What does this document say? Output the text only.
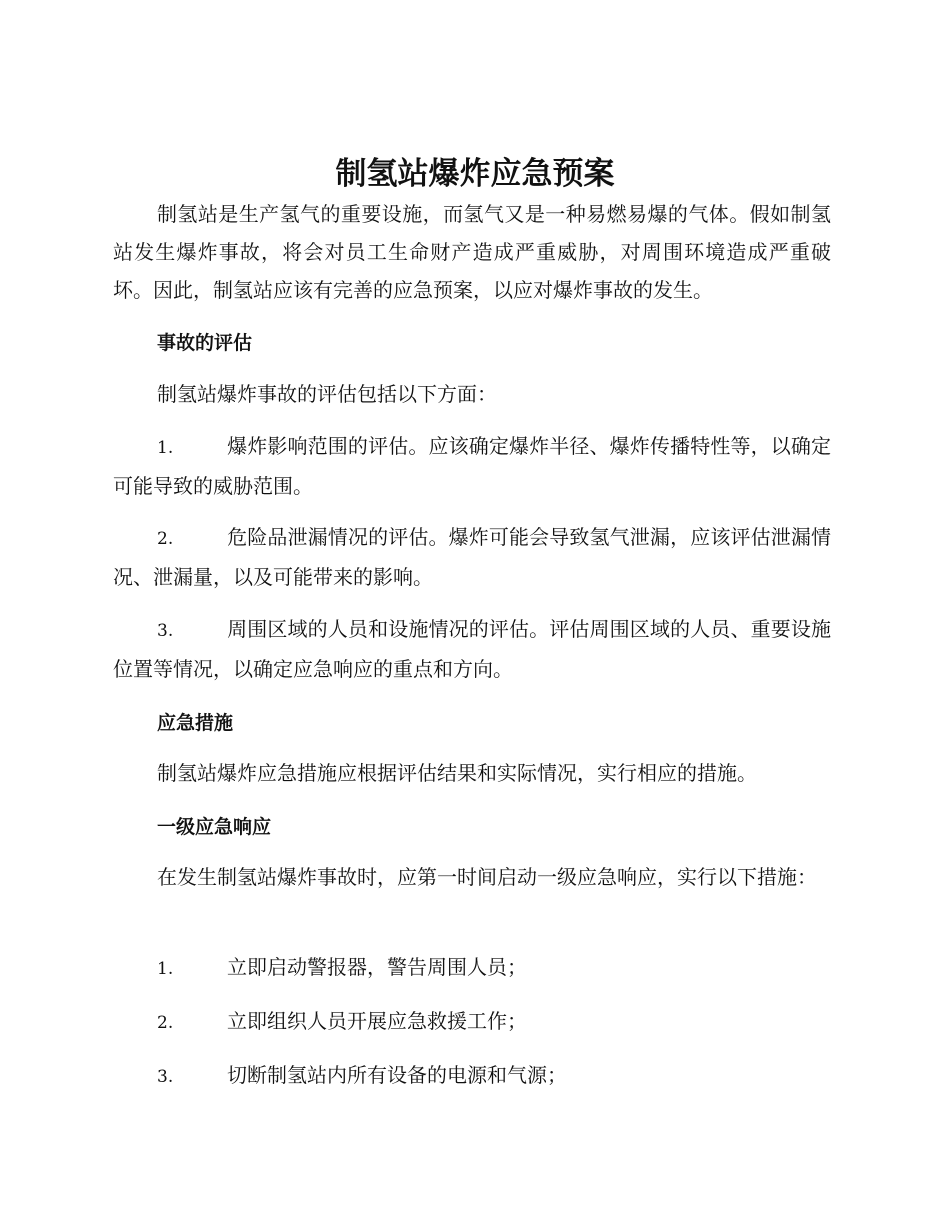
制氢站爆炸应急预案

制氢站是生产氢气的重要设施，而氢气又是一种易燃易爆的气体。假如制氢站发生爆炸事故，将会对员工生命财产造成严重威胁，对周围环境造成严重破坏。因此，制氢站应该有完善的应急预案，以应对爆炸事故的发生。

事故的评估

制氢站爆炸事故的评估包括以下方面：

1.	爆炸影响范围的评估。应该确定爆炸半径、爆炸传播特性等，以确定可能导致的威胁范围。

2.	危险品泄漏情况的评估。爆炸可能会导致氢气泄漏，应该评估泄漏情况、泄漏量，以及可能带来的影响。

3.	周围区域的人员和设施情况的评估。评估周围区域的人员、重要设施位置等情况，以确定应急响应的重点和方向。

应急措施

制氢站爆炸应急措施应根据评估结果和实际情况，实行相应的措施。

一级应急响应

在发生制氢站爆炸事故时，应第一时间启动一级应急响应，实行以下措施：

1.	立即启动警报器，警告周围人员；

2.	立即组织人员开展应急救援工作；

3.	切断制氢站内所有设备的电源和气源；
